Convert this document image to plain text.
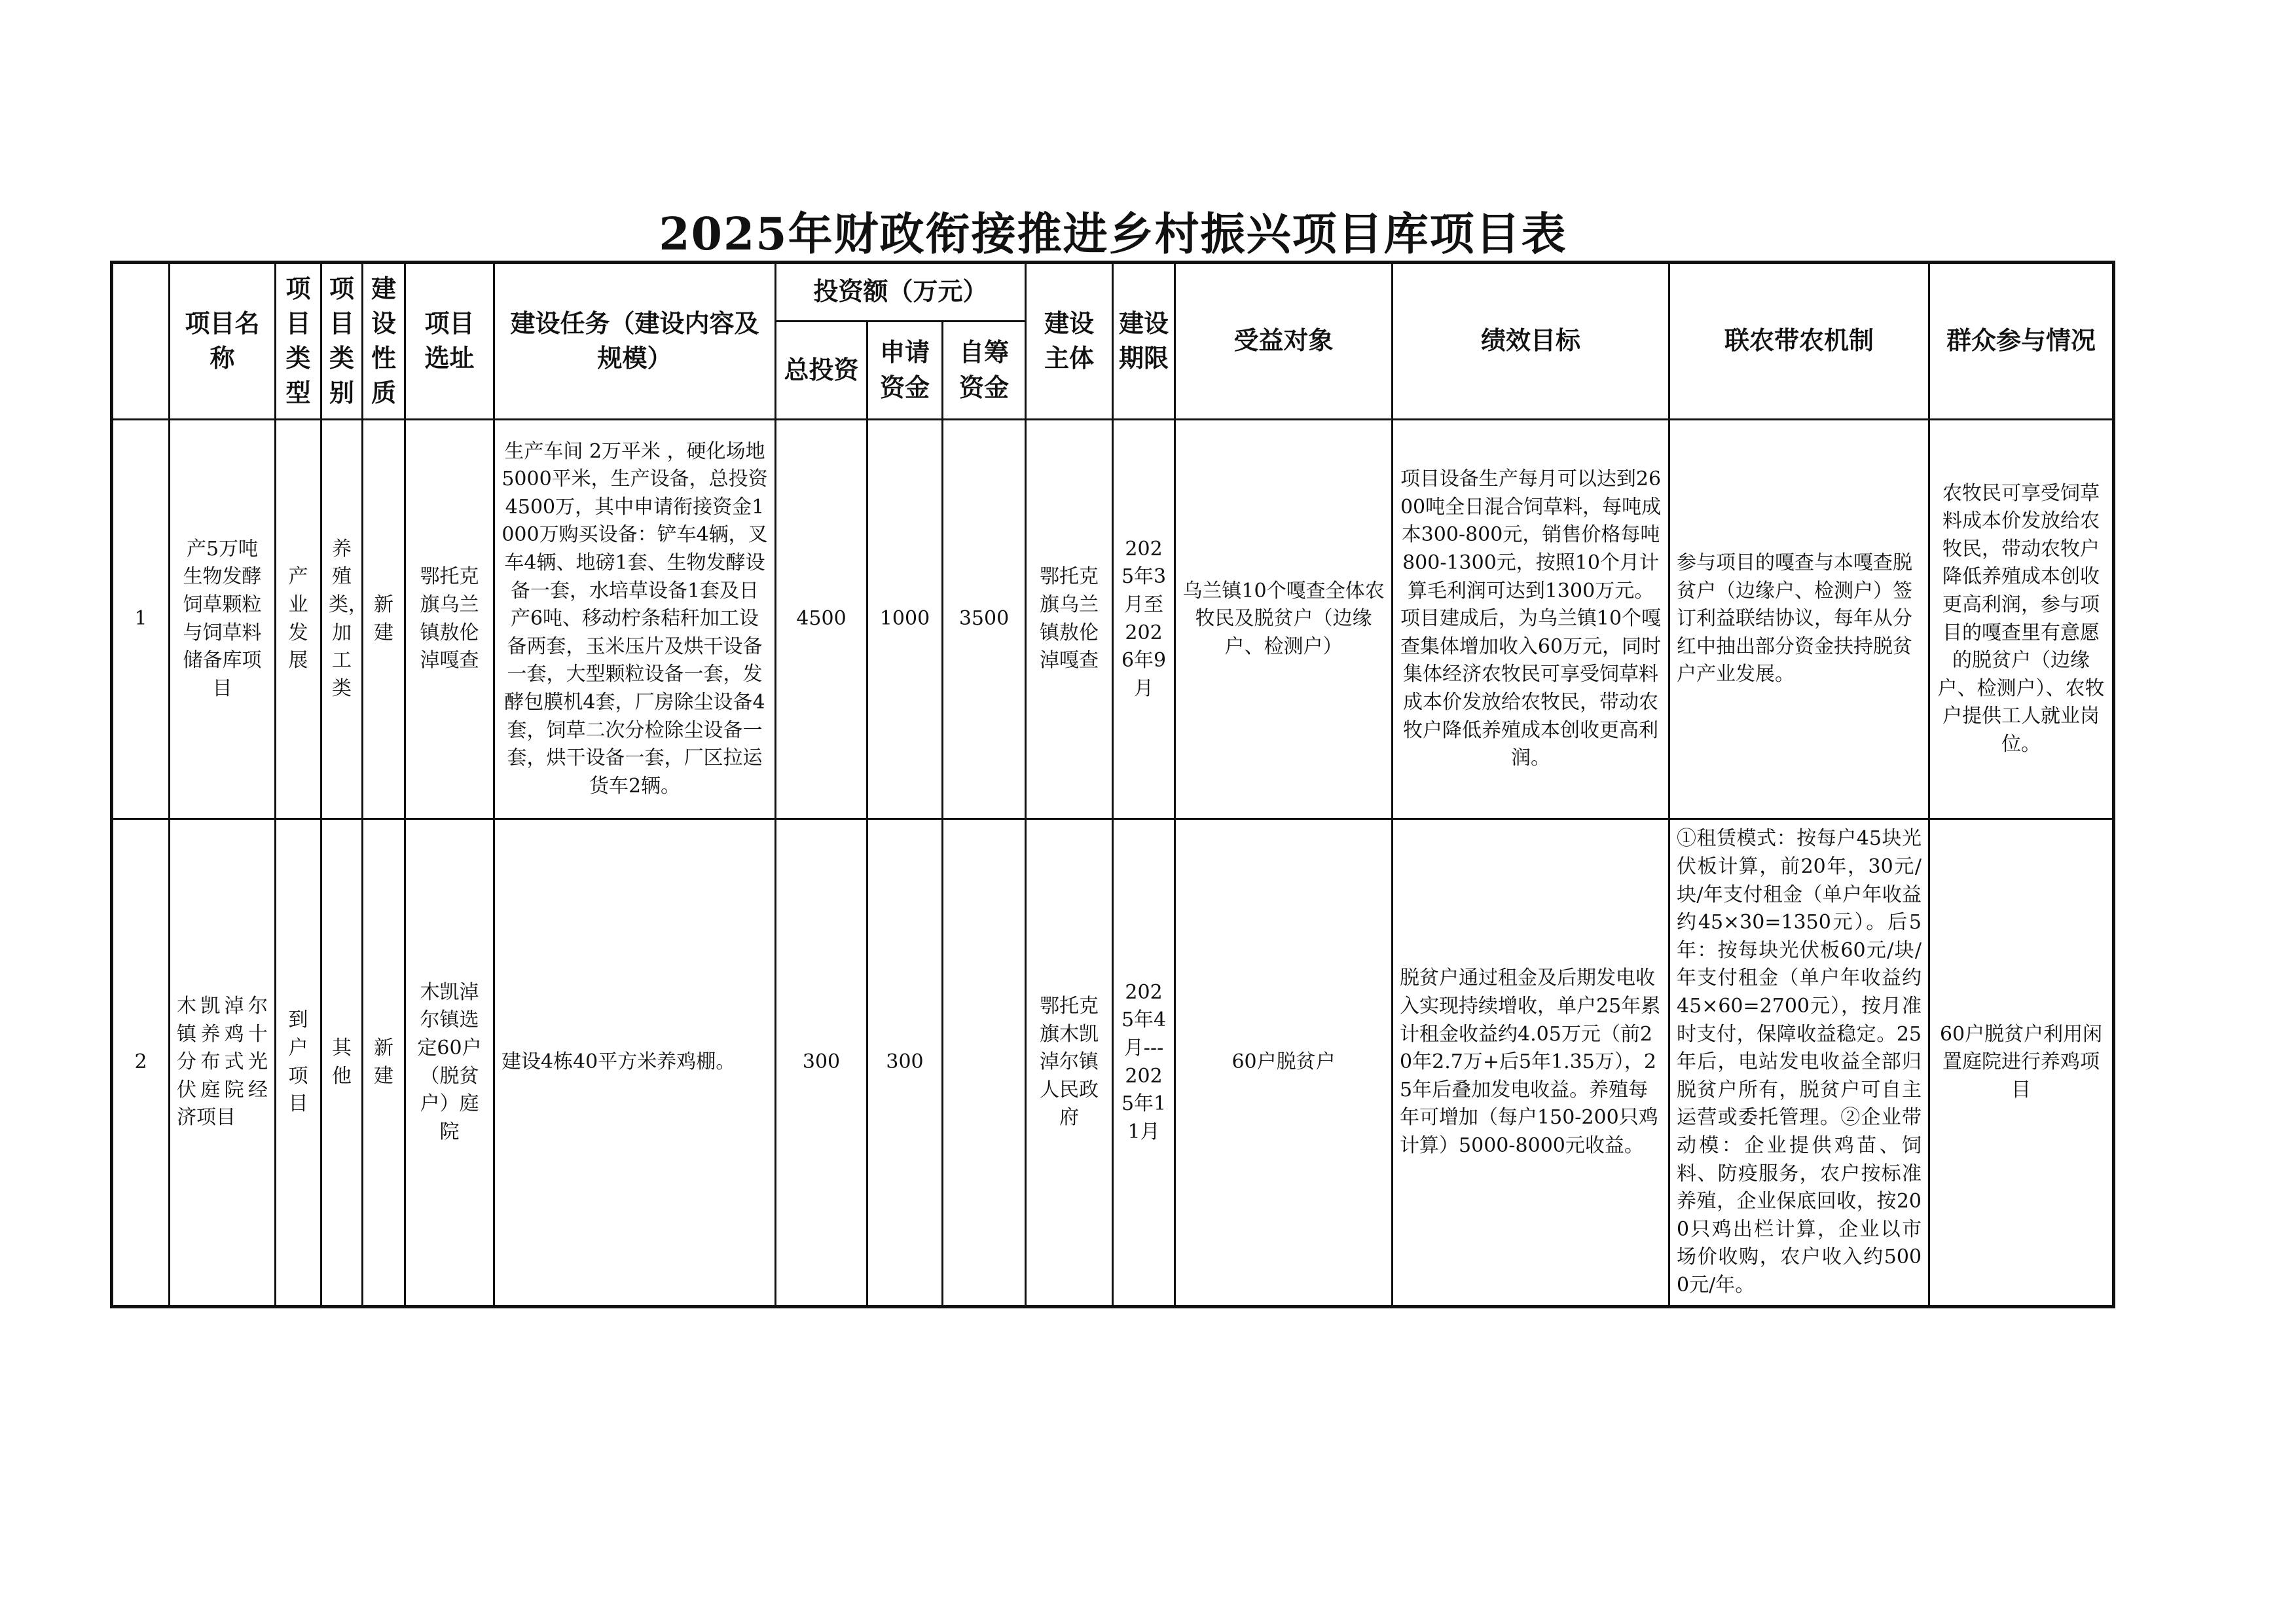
2025年财政衔接推进乡村振兴项目库项目表
	项目名称	项目类型	项目类别	建设性质	项目选址	建设任务（建设内容及规模）	投资额（万元）			建设主体	建设期限	受益对象	绩效目标	联农带农机制	群众参与情况
							总投资	申请资金	自筹资金						
1	产5万吨生物发酵饲草颗粒与饲草料储备库项目	产业发展	养殖类，加工类	新建	鄂托克旗乌兰镇敖伦淖嘎查	生产车间 2万平米 ，硬化场地5000平米，生产设备，总投资4500万，其中申请衔接资金1000万购买设备：铲车4辆，叉车4辆、地磅1套、生物发酵设备一套，水培草设备1套及日产6吨、移动柠条秸秆加工设备两套，玉米压片及烘干设备一套，大型颗粒设备一套，发酵包膜机4套，厂房除尘设备4套，饲草二次分检除尘设备一套，烘干设备一套，厂区拉运货车2辆。	4500	1000	3500	鄂托克旗乌兰镇敖伦淖嘎查	2025年3月至2026年9月	乌兰镇10个嘎查全体农牧民及脱贫户（边缘户、检测户）	项目设备生产每月可以达到2600吨全日混合饲草料，每吨成本300-800元，销售价格每吨800-1300元，按照10个月计算毛利润可达到1300万元。项目建成后，为乌兰镇10个嘎查集体增加收入60万元，同时集体经济农牧民可享受饲草料成本价发放给农牧民，带动农牧户降低养殖成本创收更高利润。	参与项目的嘎查与本嘎查脱贫户（边缘户、检测户）签订利益联结协议，每年从分红中抽出部分资金扶持脱贫户产业发展。	农牧民可享受饲草料成本价发放给农牧民，带动农牧户降低养殖成本创收更高利润，参与项目的嘎查里有意愿的脱贫户（边缘户、检测户）、农牧户提供工人就业岗位。
2	木凯淖尔镇养鸡十分布式光伏庭院经济项目	到户项目	其他	新建	木凯淖尔镇选定60户（脱贫户）庭院	建设4栋40平方米养鸡棚。	300	300		鄂托克旗木凯淖尔镇人民政府	2025年4月---2025年11月	60户脱贫户	脱贫户通过租金及后期发电收入实现持续增收，单户25年累计租金收益约4.05万元（前20年2.7万+后5年1.35万），25年后叠加发电收益。养殖每年可增加（每户150-200只鸡计算）5000-8000元收益。	①租赁模式：按每户45块光伏板计算，前20年，30元/块/年支付租金（单户年收益约45×30=1350元）。后5年：按每块光伏板60元/块/年支付租金（单户年收益约45×60=2700元），按月准时支付，保障收益稳定。25年后，电站发电收益全部归脱贫户所有，脱贫户可自主运营或委托管理。②企业带动模：企业提供鸡苗、饲料、防疫服务，农户按标准养殖，企业保底回收，按200只鸡出栏计算，企业以市场价收购，农户收入约5000元/年。	60户脱贫户利用闲置庭院进行养鸡项目
